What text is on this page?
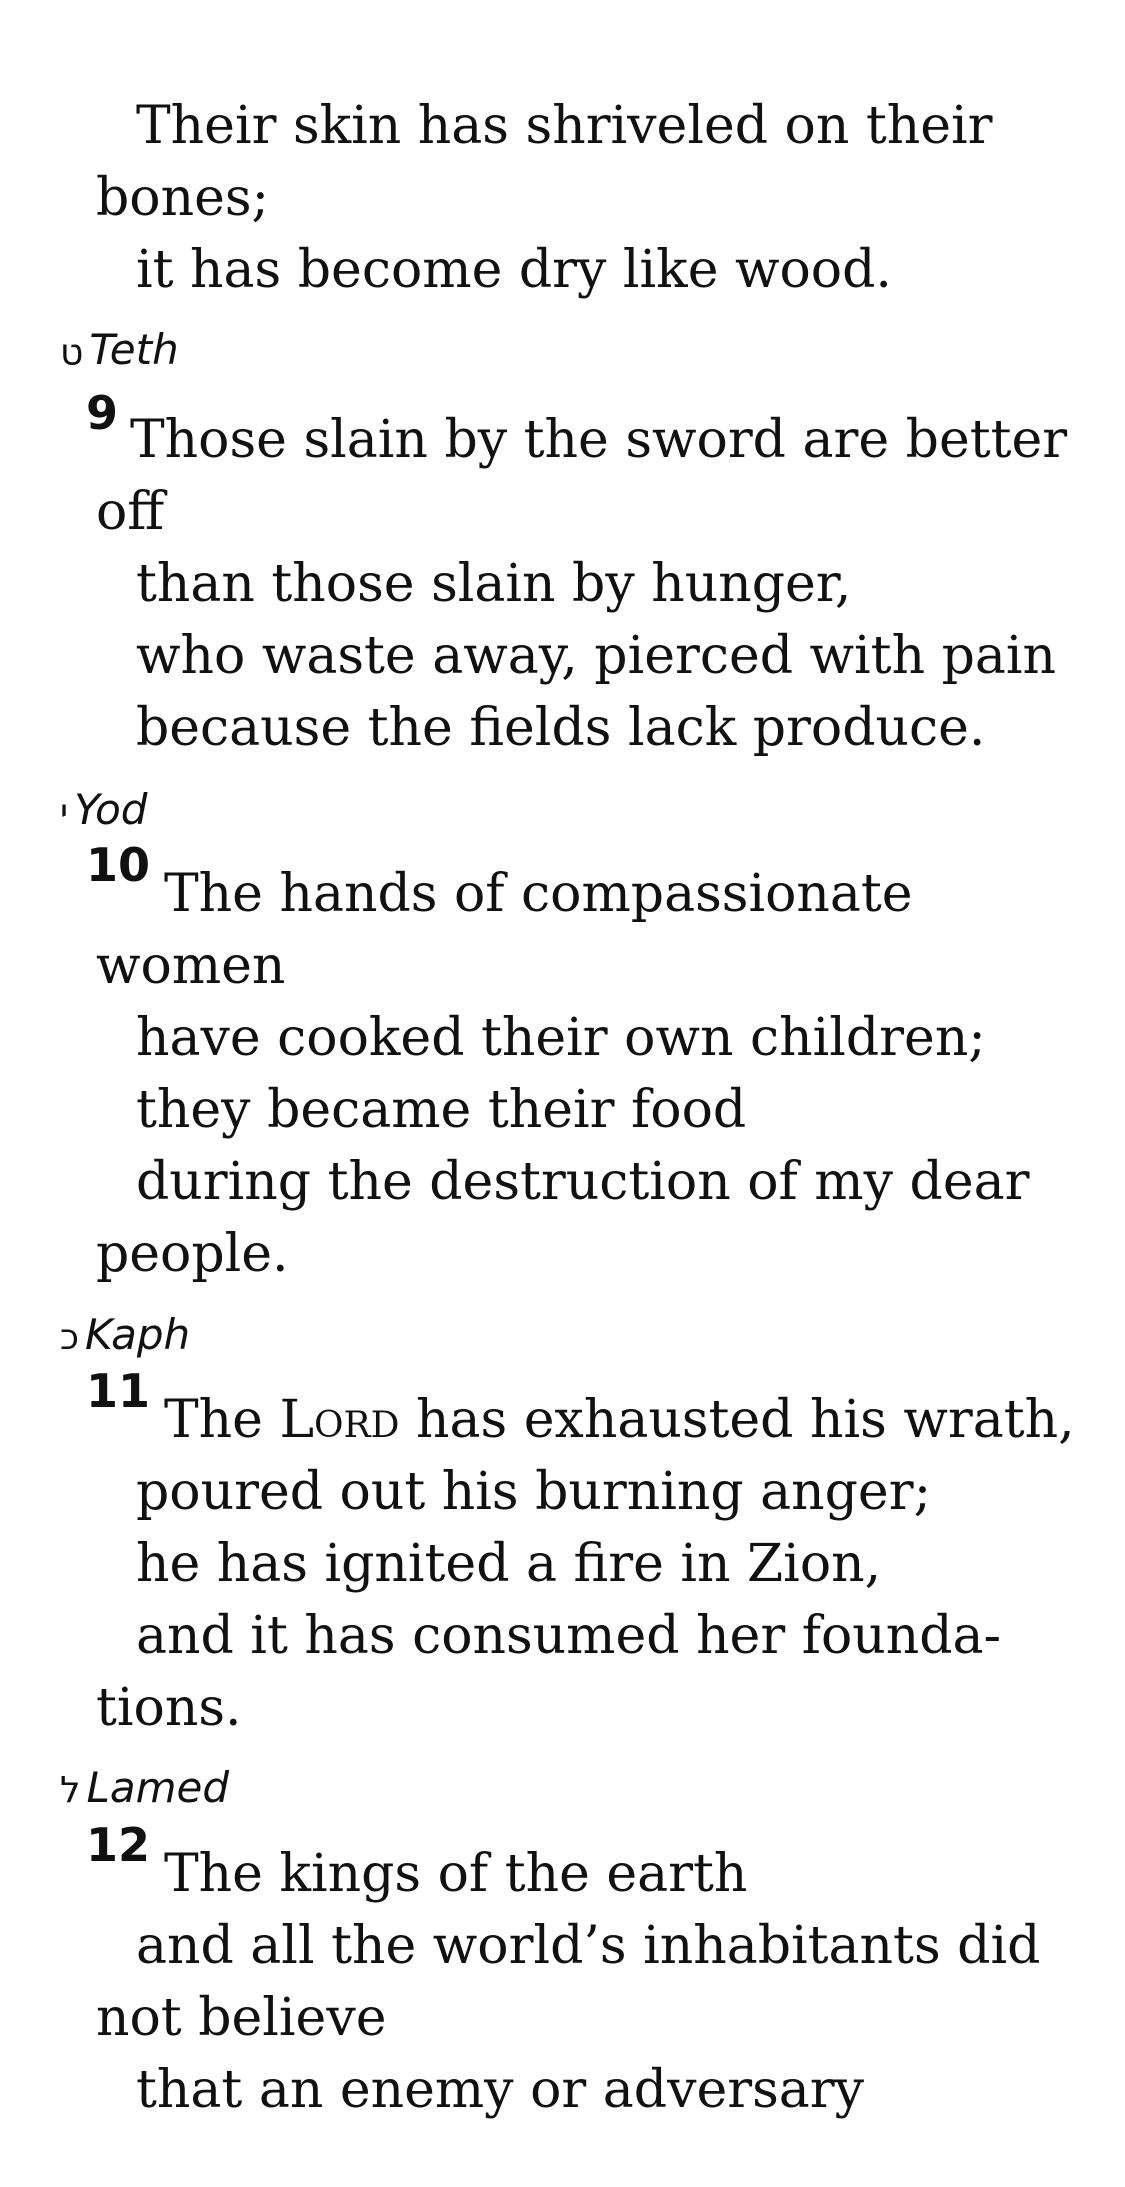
Their skin has shriveled on their
bones;
it has become dry like wood.
ט Teth
9 Those slain by the sword are better
off
than those slain by hunger,
who waste away, pierced with pain
because the fields lack produce.
י Yod
10 The hands of compassionate
women
have cooked their own children;
they became their food
during the destruction of my dear
people.
כ Kaph
11 The Lord has exhausted his wrath,
poured out his burning anger;
he has ignited a fire in Zion,
and it has consumed her founda-
tions.
ל Lamed
12 The kings of the earth
and all the world’s inhabitants did
not believe
that an enemy or adversary
